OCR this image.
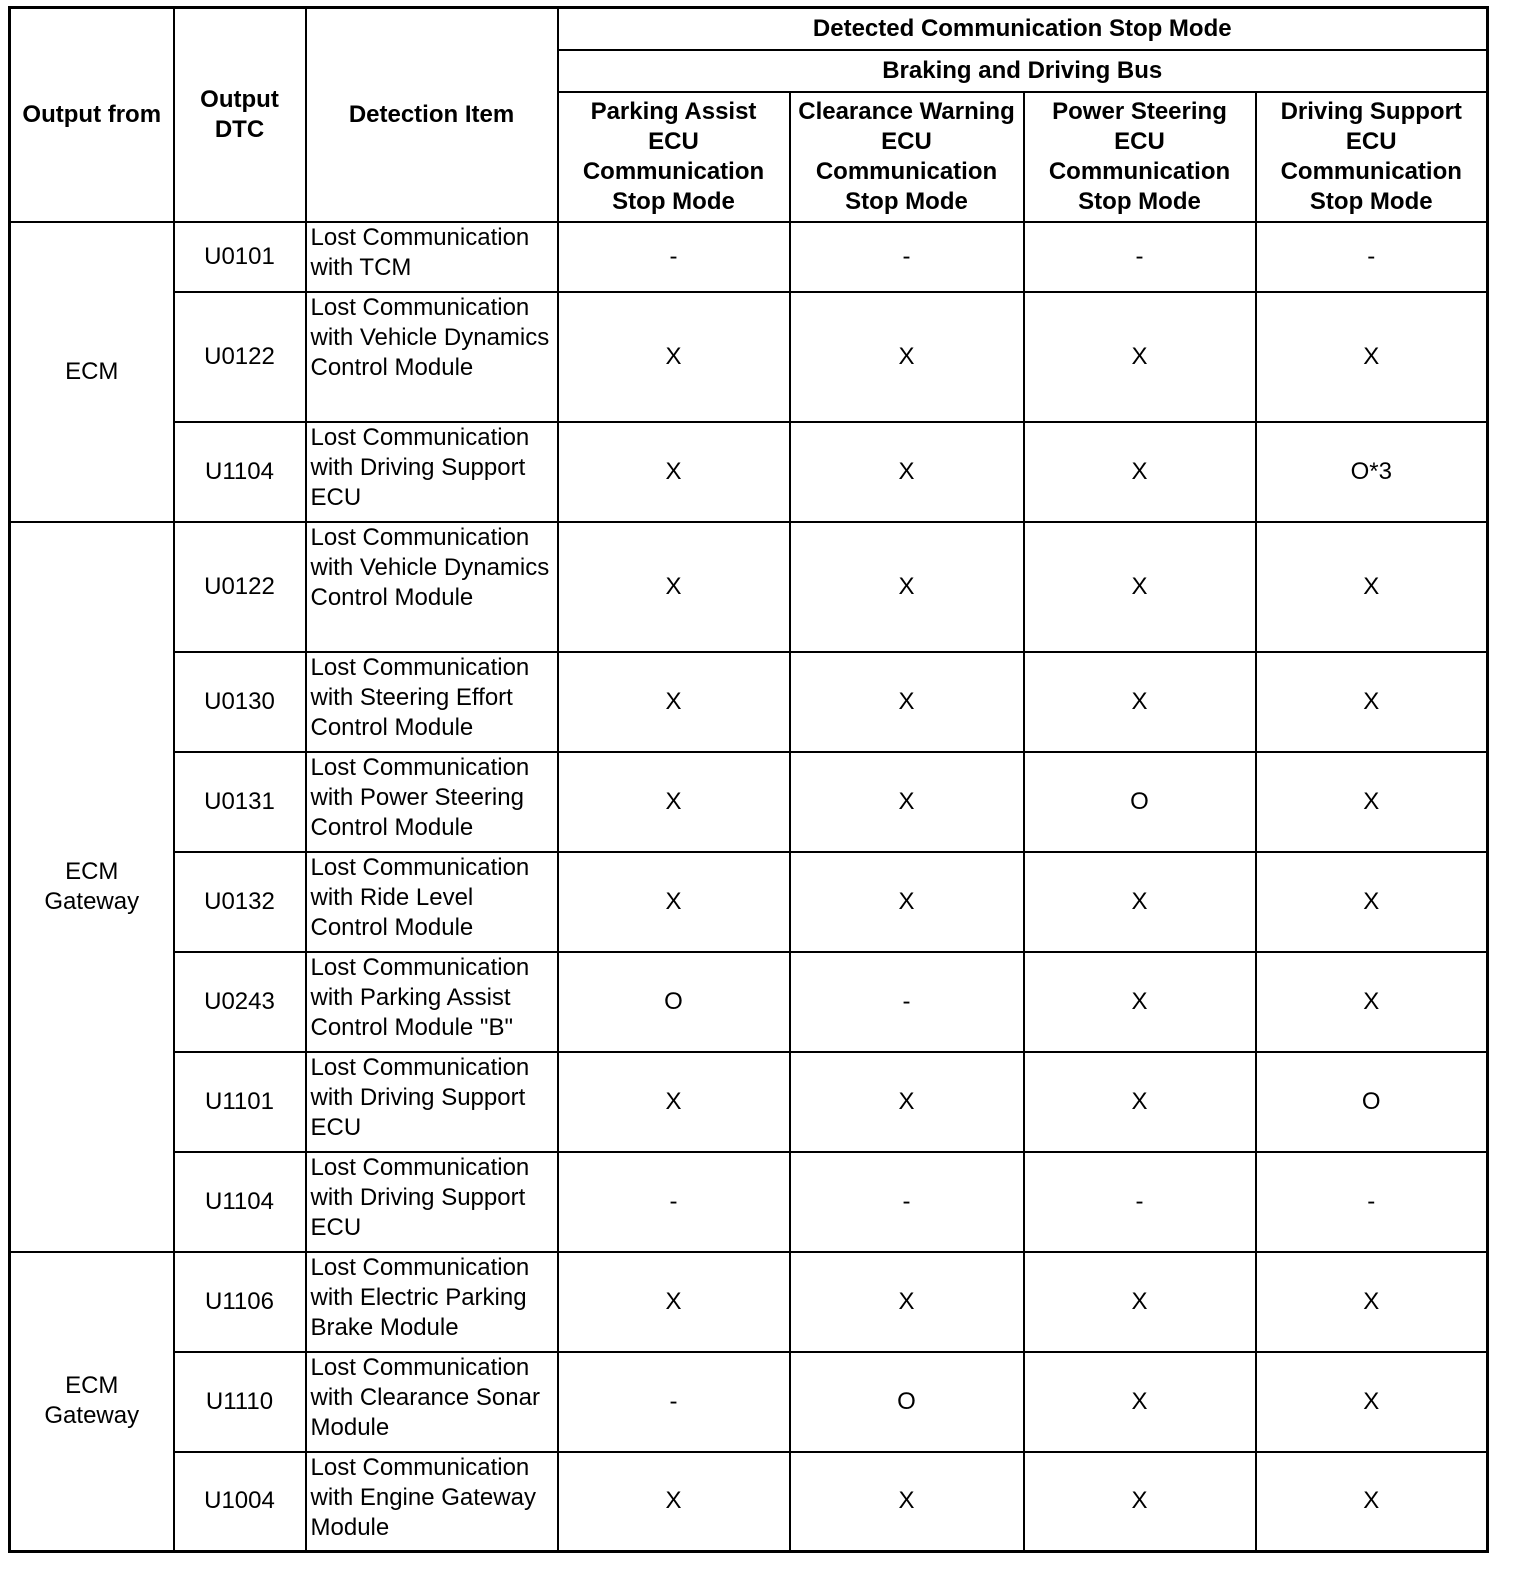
Output from	Output DTC	Detection Item	Detected Communication Stop Mode			
			Braking and Driving Bus			
			Parking Assist ECU Communication Stop Mode	Clearance Warning ECU Communication Stop Mode	Power Steering ECU Communication Stop Mode	Driving Support ECU Communication Stop Mode
ECM	U0101	Lost Communication with TCM	-	-	-	-
	U0122	Lost Communication with Vehicle Dynamics Control Module	X	X	X	X
	U1104	Lost Communication with Driving Support ECU	X	X	X	O*3
ECM Gateway	U0122	Lost Communication with Vehicle Dynamics Control Module	X	X	X	X
	U0130	Lost Communication with Steering Effort Control Module	X	X	X	X
	U0131	Lost Communication with Power Steering Control Module	X	X	O	X
	U0132	Lost Communication with Ride Level Control Module	X	X	X	X
	U0243	Lost Communication with Parking Assist Control Module "B"	O	-	X	X
	U1101	Lost Communication with Driving Support ECU	X	X	X	O
	U1104	Lost Communication with Driving Support ECU	-	-	-	-
ECM Gateway	U1106	Lost Communication with Electric Parking Brake Module	X	X	X	X
	U1110	Lost Communication with Clearance Sonar Module	-	O	X	X
	U1004	Lost Communication with Engine Gateway Module	X	X	X	X
